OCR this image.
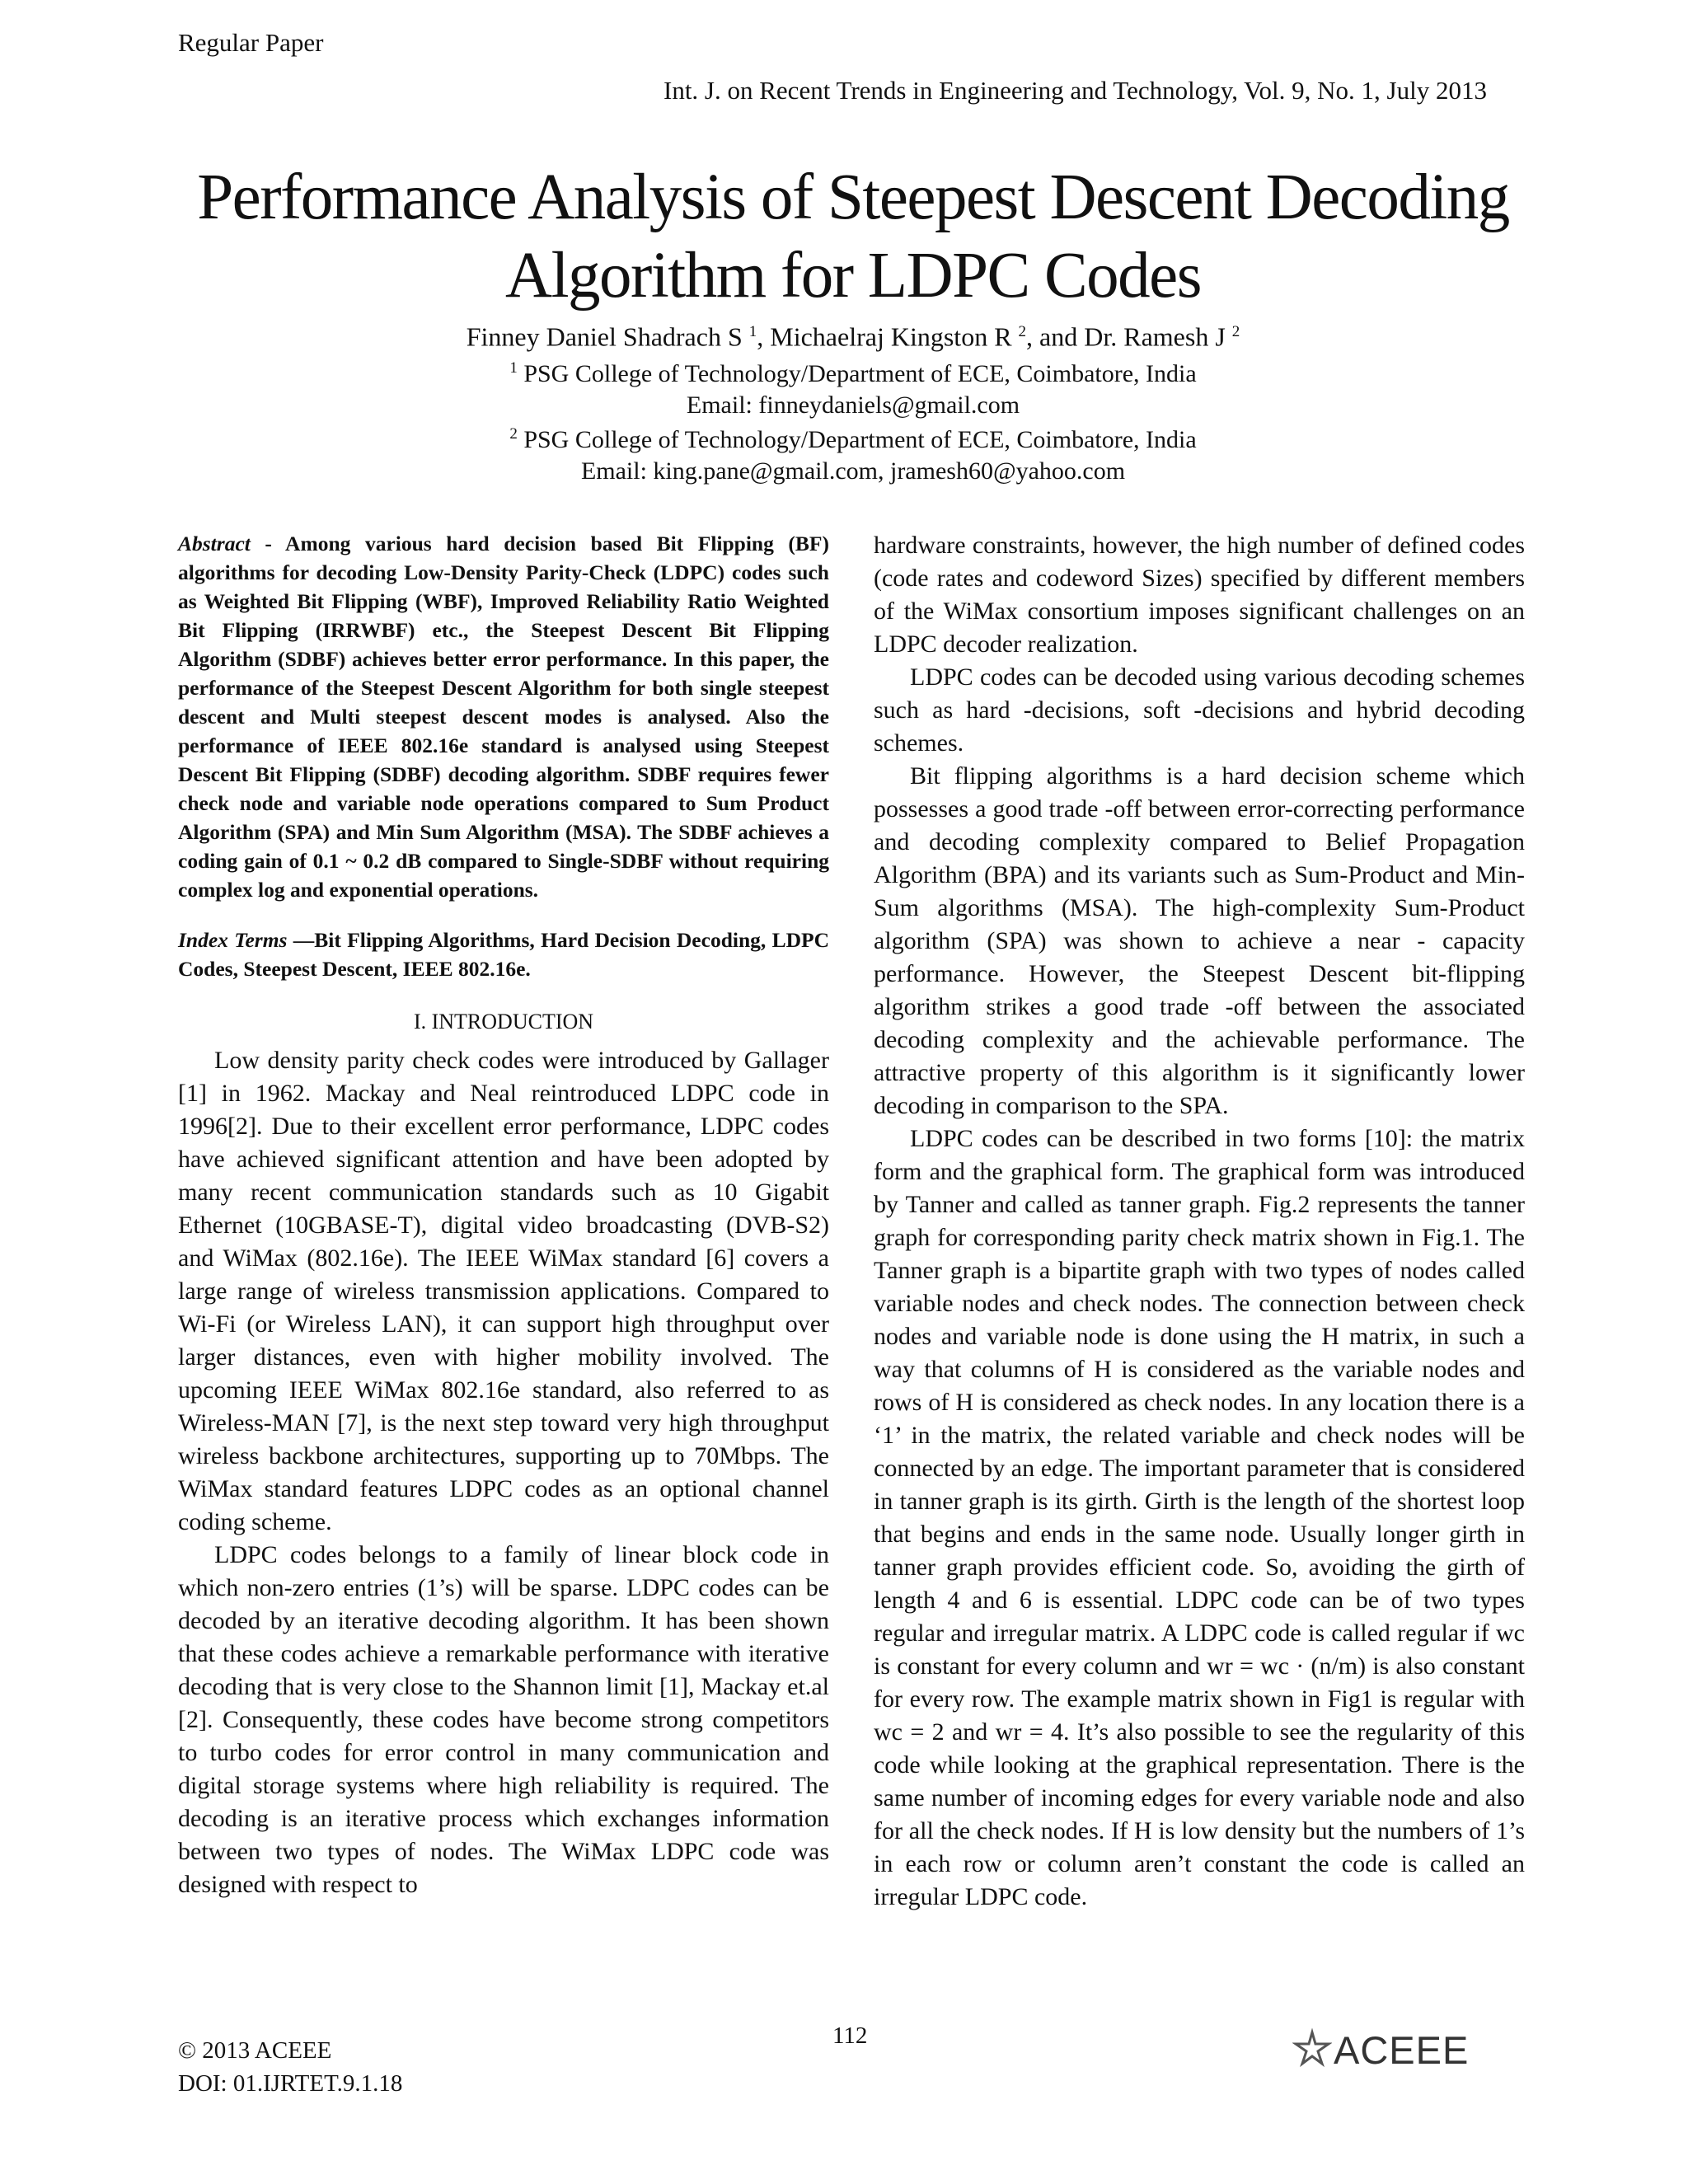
Regular Paper
Int. J. on Recent Trends in Engineering and Technology, Vol. 9, No. 1, July 2013
Performance Analysis of Steepest Descent Decoding
Algorithm for LDPC Codes
Finney Daniel Shadrach S $^1$, Michaelraj Kingston R $^2$, and Dr. Ramesh J $^2$
$^1$ PSG College of Technology/Department of ECE, Coimbatore, India
Email: finneydaniels@gmail.com
$^2$ PSG College of Technology/Department of ECE, Coimbatore, India
Email: king.pane@gmail.com, jramesh60@yahoo.com

Abstract - Among various hard decision based Bit Flipping (BF) algorithms for decoding Low-Density Parity-Check (LDPC) codes such as Weighted Bit Flipping (WBF), Improved Reliability Ratio Weighted Bit Flipping (IRRWBF) etc., the Steepest Descent Bit Flipping Algorithm (SDBF) achieves better error performance. In this paper, the performance of the Steepest Descent Algorithm for both single steepest descent and Multi steepest descent modes is analysed. Also the performance of IEEE 802.16e standard is analysed using Steepest Descent Bit Flipping (SDBF) decoding algorithm. SDBF requires fewer check node and variable node operations compared to Sum Product Algorithm (SPA) and Min Sum Algorithm (MSA). The SDBF achieves a coding gain of 0.1 ~ 0.2 dB compared to Single-SDBF without requiring complex log and exponential operations.

Index Terms —Bit Flipping Algorithms, Hard Decision Decoding, LDPC Codes, Steepest Descent, IEEE 802.16e.

I. INTRODUCTION

Low density parity check codes were introduced by Gallager [1] in 1962. Mackay and Neal reintroduced LDPC code in 1996[2]. Due to their excellent error performance, LDPC codes have achieved significant attention and have been adopted by many recent communication standards such as 10 Gigabit Ethernet (10GBASE-T), digital video broadcasting (DVB-S2) and WiMax (802.16e). The IEEE WiMax standard [6] covers a large range of wireless transmission applications. Compared to Wi-Fi (or Wireless LAN), it can support high throughput over larger distances, even with higher mobility involved. The upcoming IEEE WiMax 802.16e standard, also referred to as Wireless-MAN [7], is the next step toward very high throughput wireless backbone architectures, supporting up to 70Mbps. The WiMax standard features LDPC codes as an optional channel coding scheme.

LDPC codes belongs to a family of linear block code in which non-zero entries (1’s) will be sparse. LDPC codes can be decoded by an iterative decoding algorithm. It has been shown that these codes achieve a remarkable performance with iterative decoding that is very close to the Shannon limit [1], Mackay et.al [2]. Consequently, these codes have become strong competitors to turbo codes for error control in many communication and digital storage systems where high reliability is required. The decoding is an iterative process which exchanges information between two types of nodes. The WiMax LDPC code was designed with respect to

hardware constraints, however, the high number of defined codes (code rates and codeword Sizes) specified by different members of the WiMax consortium imposes significant challenges on an LDPC decoder realization.

LDPC codes can be decoded using various decoding schemes such as hard -decisions, soft -decisions and hybrid decoding schemes.

Bit flipping algorithms is a hard decision scheme which possesses a good trade -off between error-correcting performance and decoding complexity compared to Belief Propagation Algorithm (BPA) and its variants such as Sum-Product and Min-Sum algorithms (MSA). The high-complexity Sum-Product algorithm (SPA) was shown to achieve a near - capacity performance. However, the Steepest Descent bit-flipping algorithm strikes a good trade -off between the associated decoding complexity and the achievable performance. The attractive property of this algorithm is it significantly lower decoding in comparison to the SPA.

LDPC codes can be described in two forms [10]: the matrix form and the graphical form. The graphical form was introduced by Tanner and called as tanner graph. Fig.2 represents the tanner graph for corresponding parity check matrix shown in Fig.1. The Tanner graph is a bipartite graph with two types of nodes called variable nodes and check nodes. The connection between check nodes and variable node is done using the H matrix, in such a way that columns of H is considered as the variable nodes and rows of H is considered as check nodes. In any location there is a ‘1’ in the matrix, the related variable and check nodes will be connected by an edge. The important parameter that is considered in tanner graph is its girth. Girth is the length of the shortest loop that begins and ends in the same node. Usually longer girth in tanner graph provides efficient code. So, avoiding the girth of length 4 and 6 is essential. LDPC code can be of two types regular and irregular matrix. A LDPC code is called regular if wc is constant for every column and wr = wc · (n/m) is also constant for every row. The example matrix shown in Fig1 is regular with wc = 2 and wr = 4. It’s also possible to see the regularity of this code while looking at the graphical representation. There is the same number of incoming edges for every variable node and also for all the check nodes. If H is low density but the numbers of 1’s in each row or column aren’t constant the code is called an irregular LDPC code.

© 2013 ACEEE
DOI: 01.IJRTET.9.1.18
112	ACEEE
